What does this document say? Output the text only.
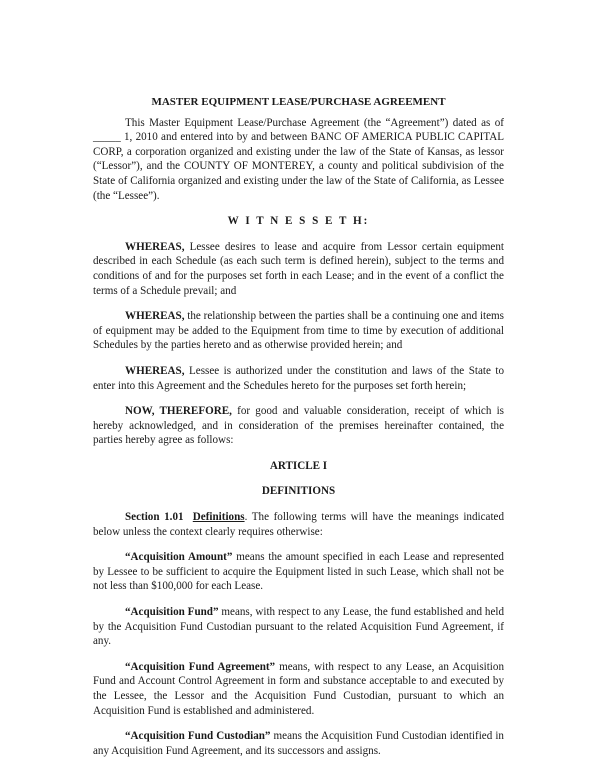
MASTER EQUIPMENT LEASE/PURCHASE AGREEMENT

This Master Equipment Lease/Purchase Agreement (the “Agreement”) dated as of _____ 1, 2010 and entered into by and between BANC OF AMERICA PUBLIC CAPITAL CORP, a corporation organized and existing under the law of the State of Kansas, as lessor (“Lessor”), and the COUNTY OF MONTEREY, a county and political subdivision of the State of California organized and existing under the law of the State of California, as Lessee (the “Lessee”).

W I T N E S S E T H:

WHEREAS, Lessee desires to lease and acquire from Lessor certain equipment described in each Schedule (as each such term is defined herein), subject to the terms and conditions of and for the purposes set forth in each Lease; and in the event of a conflict the terms of a Schedule prevail; and

WHEREAS, the relationship between the parties shall be a continuing one and items of equipment may be added to the Equipment from time to time by execution of additional Schedules by the parties hereto and as otherwise provided herein; and

WHEREAS, Lessee is authorized under the constitution and laws of the State to enter into this Agreement and the Schedules hereto for the purposes set forth herein;

NOW, THEREFORE, for good and valuable consideration, receipt of which is hereby acknowledged, and in consideration of the premises hereinafter contained, the parties hereby agree as follows:

ARTICLE I
DEFINITIONS

Section 1.01 Definitions. The following terms will have the meanings indicated below unless the context clearly requires otherwise:

“Acquisition Amount” means the amount specified in each Lease and represented by Lessee to be sufficient to acquire the Equipment listed in such Lease, which shall not be not less than $100,000 for each Lease.

“Acquisition Fund” means, with respect to any Lease, the fund established and held by the Acquisition Fund Custodian pursuant to the related Acquisition Fund Agreement, if any.

“Acquisition Fund Agreement” means, with respect to any Lease, an Acquisition Fund and Account Control Agreement in form and substance acceptable to and executed by the Lessee, the Lessor and the Acquisition Fund Custodian, pursuant to which an Acquisition Fund is established and administered.

“Acquisition Fund Custodian” means the Acquisition Fund Custodian identified in any Acquisition Fund Agreement, and its successors and assigns.
